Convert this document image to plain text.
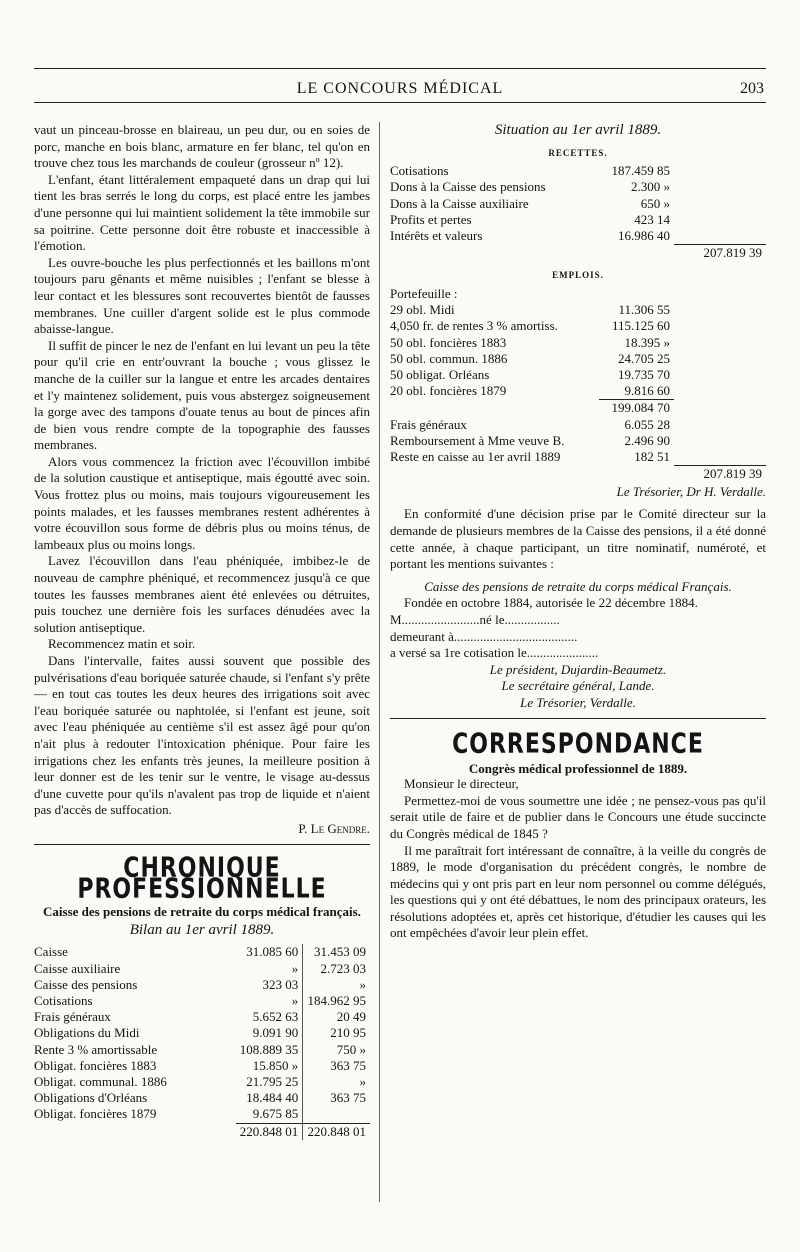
LE CONCOURS MÉDICAL	203

vaut un pinceau-brosse en blaireau, un peu dur, ou en soies de porc, manche en bois blanc, armature en fer blanc, tel qu'on en trouve chez tous les marchands de couleur (grosseur nº 12).

L'enfant, étant littéralement empaqueté dans un drap qui lui tient les bras serrés le long du corps, est placé entre les jambes d'une personne qui lui maintient solidement la tête immobile sur sa poitrine. Cette personne doit être robuste et inaccessible à l'émotion.

Les ouvre-bouche les plus perfectionnés et les baillons m'ont toujours paru gênants et même nuisibles ; l'enfant se blesse à leur contact et les blessures sont recouvertes bientôt de fausses membranes. Une cuiller d'argent solide est le plus commode abaisse-langue.

Il suffit de pincer le nez de l'enfant en lui levant un peu la tête pour qu'il crie en entr'ouvrant la bouche ; vous glissez le manche de la cuiller sur la langue et entre les arcades dentaires et l'y maintenez solidement, puis vous abstergez soigneusement la gorge avec des tampons d'ouate tenus au bout de pinces afin de bien vous rendre compte de la topographie des fausses membranes.

Alors vous commencez la friction avec l'écouvillon imbibé de la solution caustique et antiseptique, mais égoutté avec soin. Vous frottez plus ou moins, mais toujours vigoureusement les points malades, et les fausses membranes restent adhérentes à votre écouvillon sous forme de débris plus ou moins ténus, de lambeaux plus ou moins longs.

Lavez l'écouvillon dans l'eau phéniquée, imbibez-le de nouveau de camphre phéniqué, et recommencez jusqu'à ce que toutes les fausses membranes aient été enlevées ou détruites, puis touchez une dernière fois les surfaces dénudées avec la solution antiseptique.

Recommencez matin et soir.

Dans l'intervalle, faites aussi souvent que possible des pulvérisations d'eau boriquée saturée chaude, si l'enfant s'y prête — en tout cas toutes les deux heures des irrigations soit avec l'eau boriquée saturée ou naphtolée, si l'enfant est jeune, soit avec l'eau phéniquée au centième s'il est assez âgé pour qu'on n'ait plus à redouter l'intoxication phénique. Pour faire les irrigations chez les enfants très jeunes, la meilleure position à leur donner est de les tenir sur le ventre, le visage au-dessus d'une cuvette pour qu'ils n'avalent pas trop de liquide et n'aient pas d'accès de suffocation.

P. Le Gendre.

CHRONIQUE PROFESSIONNELLE

Caisse des pensions de retraite du corps médical français.

Bilan au 1er avril 1889.
Caisse	31.085 60	31.453 09
Caisse auxiliaire	»	2.723 03
Caisse des pensions	323 03	»
Cotisations	»	184.962 95
Frais généraux	5.652 63	20 49
Obligations du Midi	9.091 90	210 95
Rente 3 % amortissable	108.889 35	750 »
Obligat. foncières 1883	15.850 »	363 75
Obligat. communal. 1886	21.795 25	»
Obligations d'Orléans	18.484 40	363 75
Obligat. foncières 1879	9.675 85	
	220.848 01	220.848 01
Situation au 1er avril 1889.
RECETTES.
Cotisations	187.459 85	
Dons à la Caisse des pensions	2.300 »	
Dons à la Caisse auxiliaire	650 »	
Profits et pertes	423 14	
Intérêts et valeurs	16.986 40	
		207.819 39
EMPLOIS.
Portefeuille :
29 obl. Midi	11.306 55	
4,050 fr. de rentes 3 % amortiss.	115.125 60	
50 obl. foncières 1883	18.395 »	
50 obl. commun. 1886	24.705 25	
50 obligat. Orléans	19.735 70	
20 obl. foncières 1879	9.816 60	
	199.084 70	
Frais généraux	6.055 28	
Remboursement à Mme veuve B.	2.496 90	
Reste en caisse au 1er avril 1889	182 51	
		207.819 39

Le Trésorier, Dr H. Verdalle.

En conformité d'une décision prise par le Comité directeur sur la demande de plusieurs membres de la Caisse des pensions, il a été donné cette année, à chaque participant, un titre nominatif, numéroté, et portant les mentions suivantes :

Caisse des pensions de retraite du corps médical Français.

Fondée en octobre 1884, autorisée le 22 décembre 1884.

M........................né le.................

demeurant à......................................

a versé sa 1re cotisation le......................

Le président, Dujardin-Beaumetz.

Le secrétaire général, Lande.

Le Trésorier, Verdalle.

CORRESPONDANCE

Congrès médical professionnel de 1889.

Monsieur le directeur,

Permettez-moi de vous soumettre une idée ; ne pensez-vous pas qu'il serait utile de faire et de publier dans le Concours une étude succincte du Congrès médical de 1845 ?

Il me paraîtrait fort intéressant de connaître, à la veille du congrès de 1889, le mode d'organisation du précédent congrès, le nombre de médecins qui y ont pris part en leur nom personnel ou comme délégués, les questions qui y ont été débattues, le nom des principaux orateurs, les résolutions adoptées et, après cet historique, d'étudier les causes qui les ont empêchées d'avoir leur plein effet.
